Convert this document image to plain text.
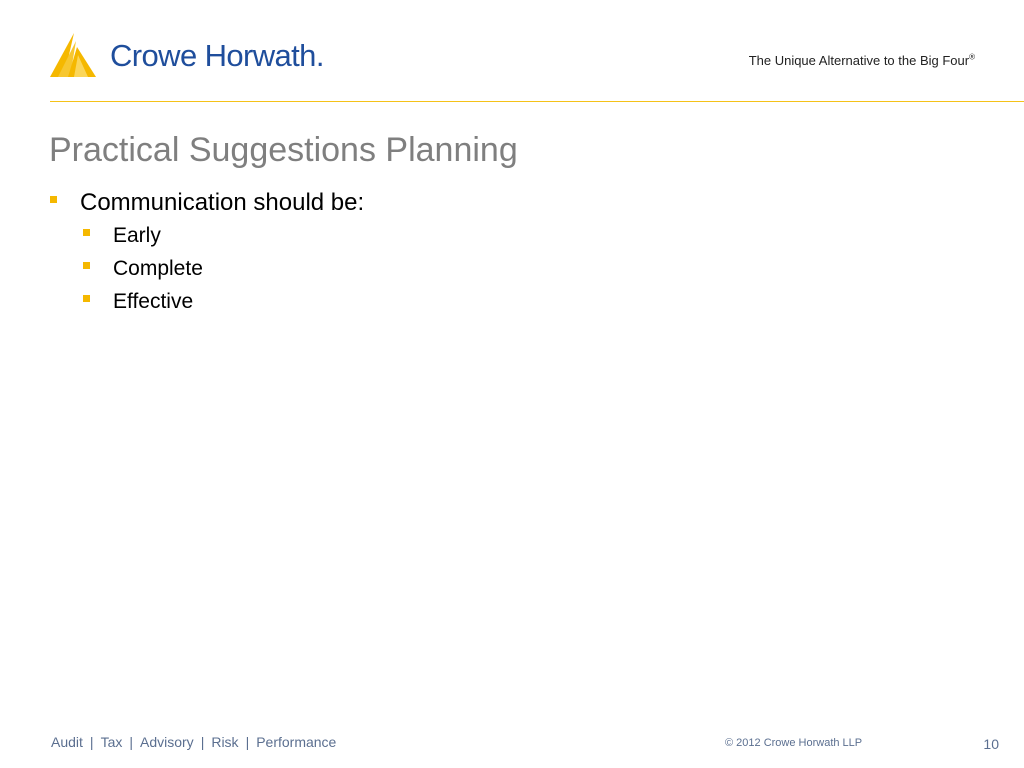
Crowe Horwath.	The Unique Alternative to the Big Four®
Practical Suggestions Planning
Communication should be:
Early
Complete
Effective
Audit | Tax | Advisory | Risk | Performance	© 2012 Crowe Horwath LLP	10
